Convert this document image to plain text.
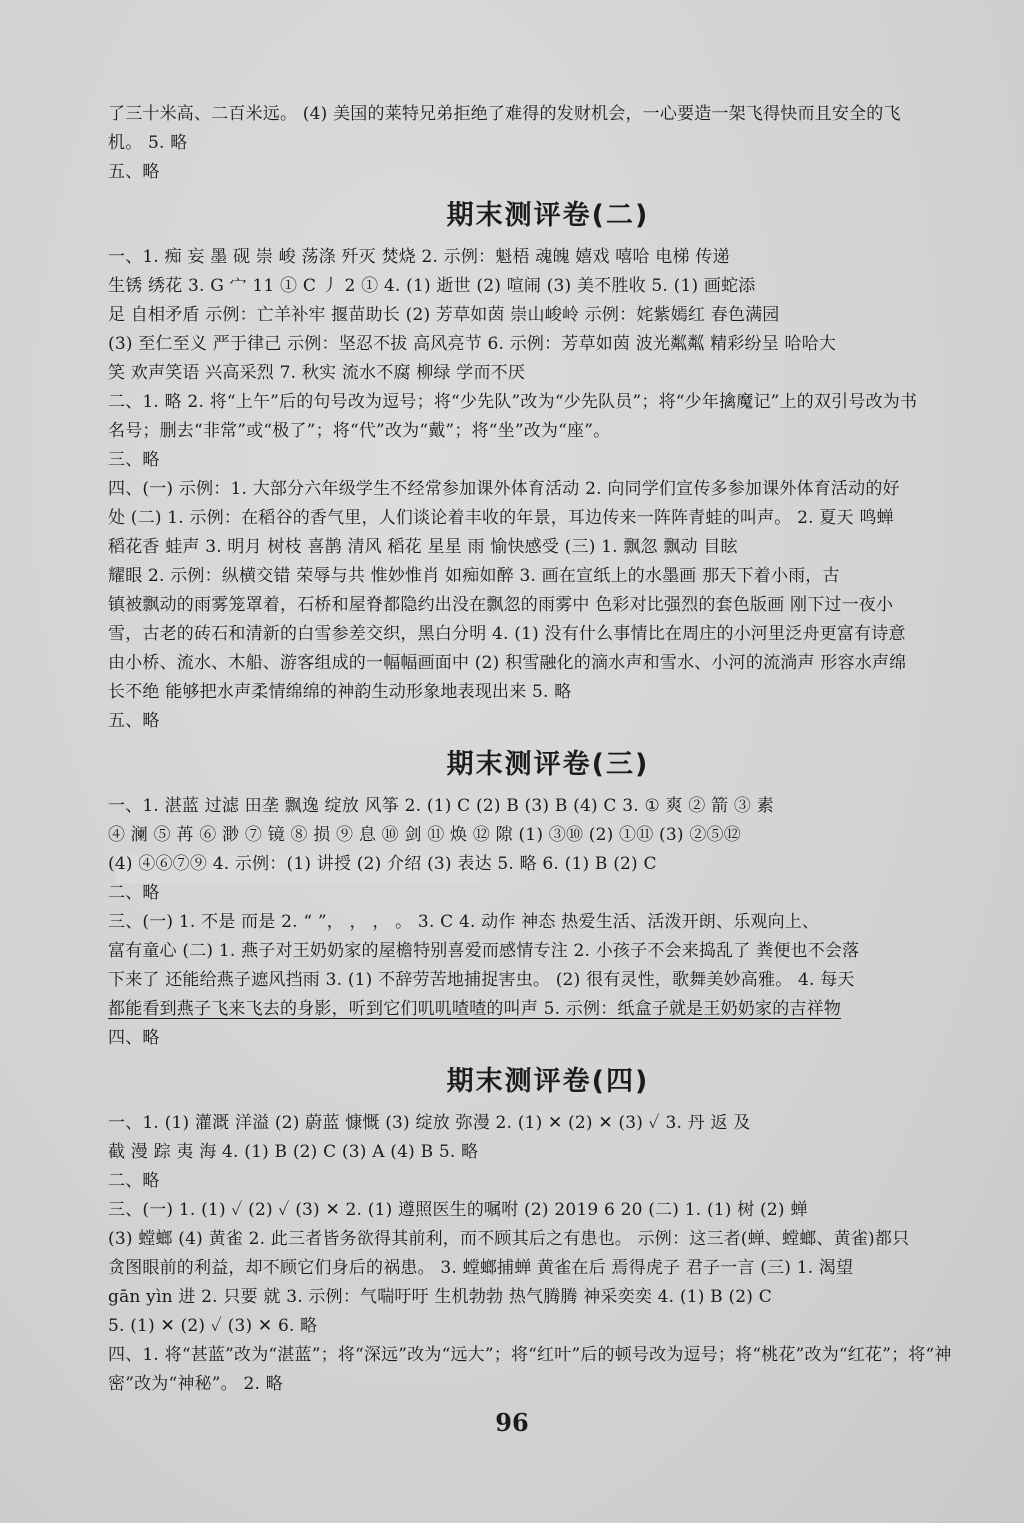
了三十米高、二百米远。 (4) 美国的莱特兄弟拒绝了难得的发财机会，一心要造一架飞得快而且安全的飞
机。 5. 略
五、略
期末测评卷(二)
一、1. 痴 妄 墨 砚 崇 峻 荡涤 歼灭 焚烧 2. 示例：魁梧 魂魄 嬉戏 嘻哈 电梯 传递
生锈 绣花 3. G 宀 11 ① C 丿 2 ① 4. (1) 逝世 (2) 喧闹 (3) 美不胜收 5. (1) 画蛇添
足 自相矛盾 示例：亡羊补牢 揠苗助长 (2) 芳草如茵 崇山峻岭 示例：姹紫嫣红 春色满园
(3) 至仁至义 严于律己 示例：坚忍不拔 高风亮节 6. 示例：芳草如茵 波光粼粼 精彩纷呈 哈哈大
笑 欢声笑语 兴高采烈 7. 秋实 流水不腐 柳绿 学而不厌
二、1. 略 2. 将“上午”后的句号改为逗号；将“少先队”改为“少先队员”；将“少年擒魔记”上的双引号改为书
名号；删去“非常”或“极了”；将“代”改为“戴”；将“坐”改为“座”。
三、略
四、(一) 示例：1. 大部分六年级学生不经常参加课外体育活动 2. 向同学们宣传多参加课外体育活动的好
处 (二) 1. 示例：在稻谷的香气里，人们谈论着丰收的年景，耳边传来一阵阵青蛙的叫声。 2. 夏天 鸣蝉
稻花香 蛙声 3. 明月 树枝 喜鹊 清风 稻花 星星 雨 愉快感受 (三) 1. 飘忽 飘动 目眩
耀眼 2. 示例：纵横交错 荣辱与共 惟妙惟肖 如痴如醉 3. 画在宣纸上的水墨画 那天下着小雨，古
镇被飘动的雨雾笼罩着，石桥和屋脊都隐约出没在飘忽的雨雾中 色彩对比强烈的套色版画 刚下过一夜小
雪，古老的砖石和清新的白雪参差交织，黑白分明 4. (1) 没有什么事情比在周庄的小河里泛舟更富有诗意
由小桥、流水、木船、游客组成的一幅幅画面中 (2) 积雪融化的滴水声和雪水、小河的流淌声 形容水声绵
长不绝 能够把水声柔情绵绵的神韵生动形象地表现出来 5. 略
五、略
期末测评卷(三)
一、1. 湛蓝 过滤 田垄 飘逸 绽放 风筝 2. (1) C (2) B (3) B (4) C 3. ① 爽 ② 箭 ③ 素
④ 澜 ⑤ 苒 ⑥ 渺 ⑦ 镜 ⑧ 损 ⑨ 息 ⑩ 剑 ⑪ 焕 ⑫ 隙 (1) ③⑩ (2) ①⑪ (3) ②⑤⑫
(4) ④⑥⑦⑨ 4. 示例：(1) 讲授 (2) 介绍 (3) 表达 5. 略 6. (1) B (2) C
二、略
三、(一) 1. 不是 而是 2. “ ”， ， ， 。 3. C 4. 动作 神态 热爱生活、活泼开朗、乐观向上、
富有童心 (二) 1. 燕子对王奶奶家的屋檐特别喜爱而感情专注 2. 小孩子不会来捣乱了 粪便也不会落
下来了 还能给燕子遮风挡雨 3. (1) 不辞劳苦地捕捉害虫。 (2) 很有灵性，歌舞美妙高雅。 4. 每天
都能看到燕子飞来飞去的身影，听到它们叽叽喳喳的叫声 5. 示例：纸盒子就是王奶奶家的吉祥物
四、略
期末测评卷(四)
一、1. (1) 灌溉 洋溢 (2) 蔚蓝 慷慨 (3) 绽放 弥漫 2. (1) ✕ (2) ✕ (3) ✓ 3. 丹 返 及
截 漫 踪 夷 海 4. (1) B (2) C (3) A (4) B 5. 略
二、略
三、(一) 1. (1) ✓ (2) ✓ (3) ✕ 2. (1) 遵照医生的嘱咐 (2) 2019 6 20 (二) 1. (1) 树 (2) 蝉
(3) 螳螂 (4) 黄雀 2. 此三者皆务欲得其前利，而不顾其后之有患也。 示例：这三者(蝉、螳螂、黄雀)都只
贪图眼前的利益，却不顾它们身后的祸患。 3. 螳螂捕蝉 黄雀在后 焉得虎子 君子一言 (三) 1. 渴望
gān yìn 进 2. 只要 就 3. 示例：气喘吁吁 生机勃勃 热气腾腾 神采奕奕 4. (1) B (2) C
5. (1) ✕ (2) ✓ (3) ✕ 6. 略
四、1. 将“甚蓝”改为“湛蓝”；将“深远”改为“远大”；将“红叶”后的顿号改为逗号；将“桃花”改为“红花”；将“神
密”改为“神秘”。 2. 略
96
